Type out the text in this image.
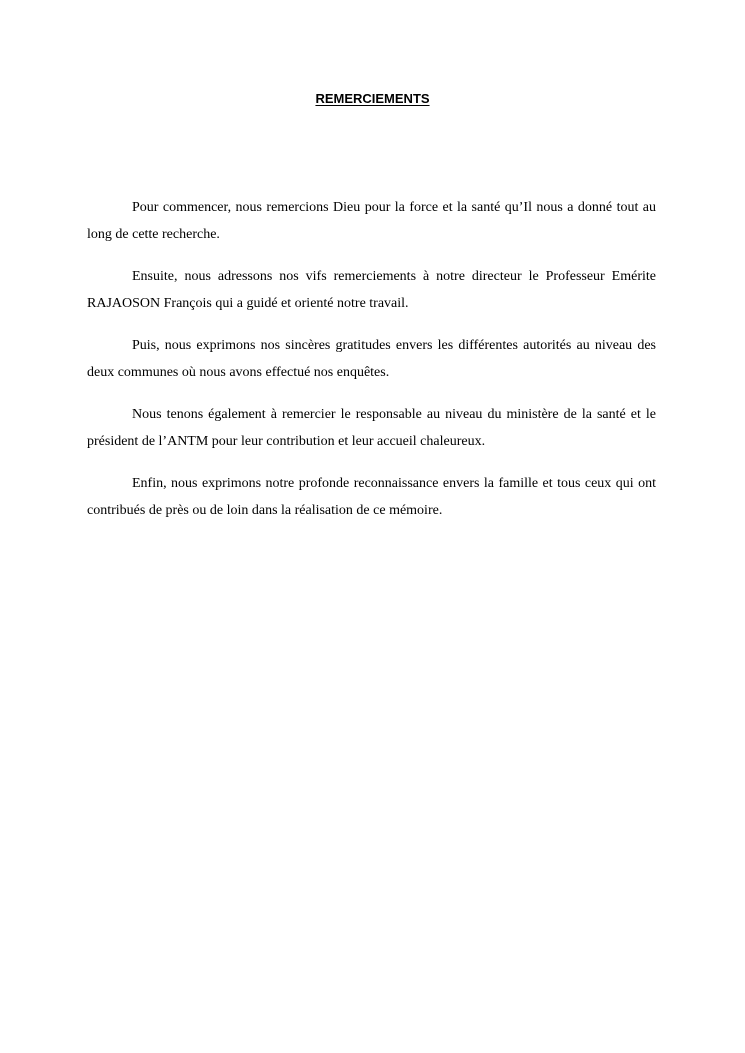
REMERCIEMENTS

Pour commencer, nous remercions Dieu pour la force et la santé qu’Il nous a donné tout au long de cette recherche.

Ensuite, nous adressons nos vifs remerciements à notre directeur le Professeur Emérite RAJAOSON François qui a guidé et orienté notre travail.

Puis, nous exprimons nos sincères gratitudes envers les différentes autorités au niveau des deux communes où nous avons effectué nos enquêtes.

Nous tenons également à remercier le responsable au niveau du ministère de la santé et le président de l’ANTM pour leur contribution et leur accueil chaleureux.

Enfin, nous exprimons notre profonde reconnaissance envers la famille et tous ceux qui ont contribués de près ou de loin dans la réalisation de ce mémoire.
